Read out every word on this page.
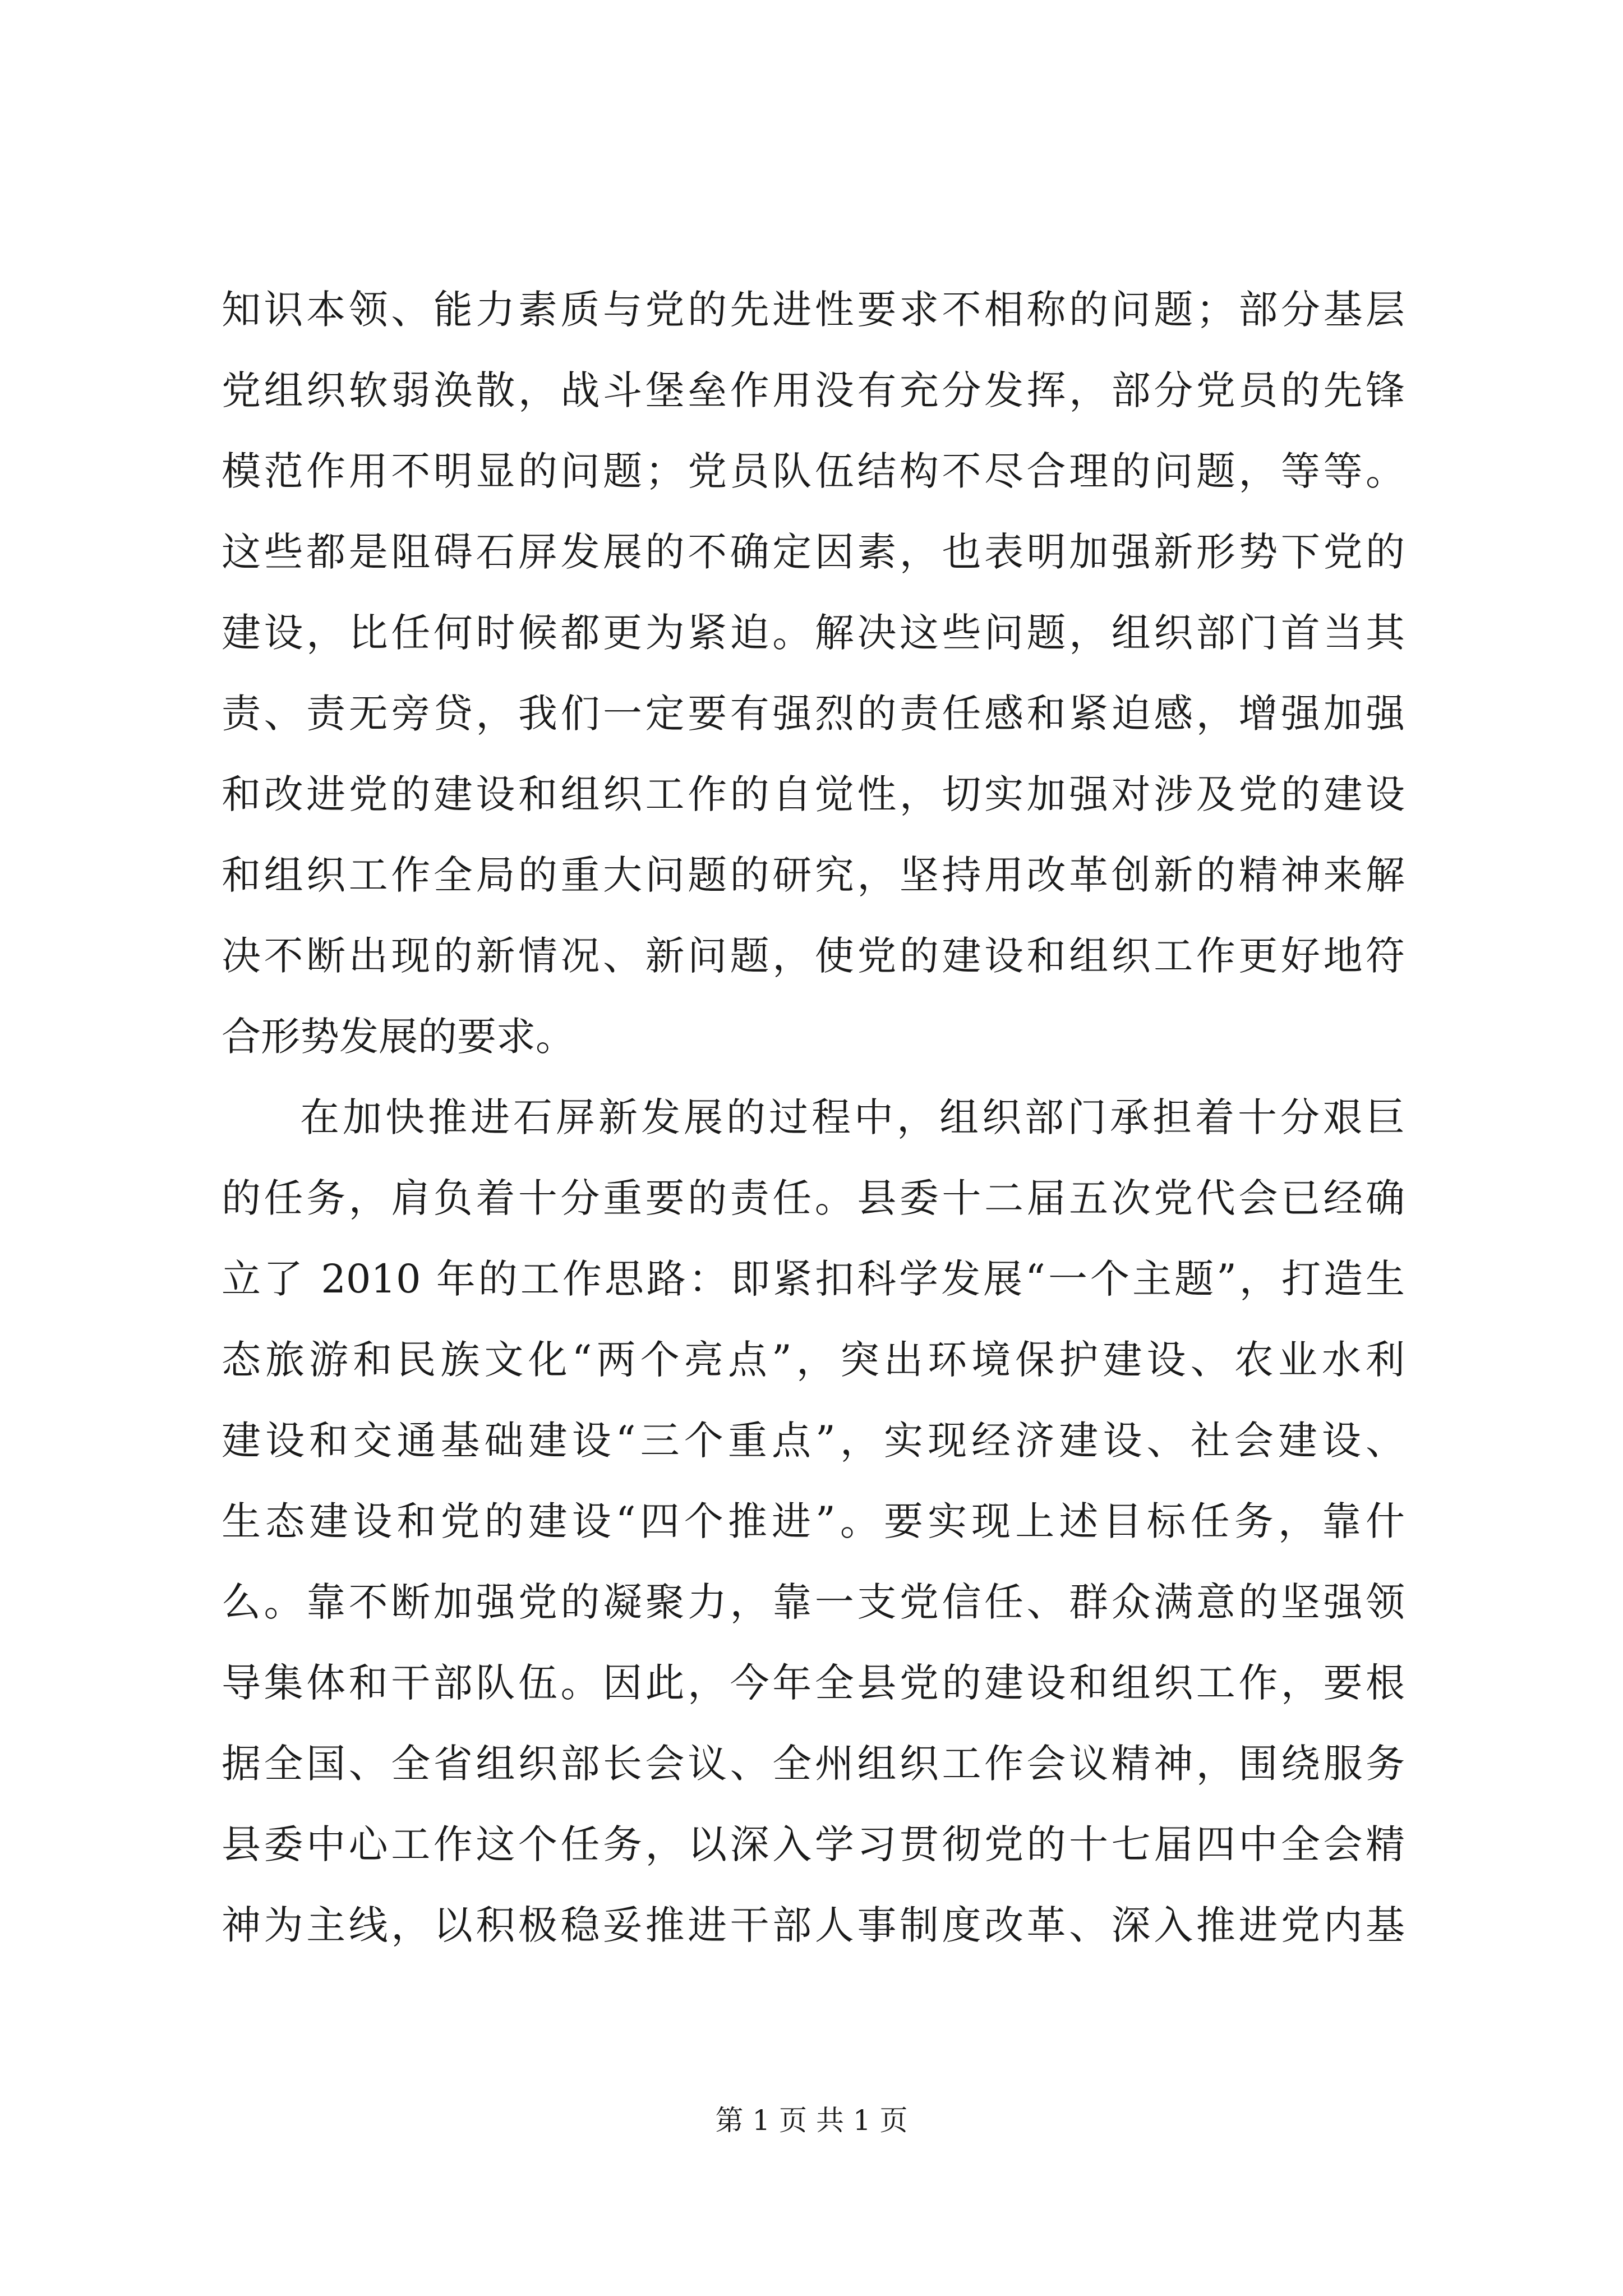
知识本领、能力素质与党的先进性要求不相称的问题；部分基层
党组织软弱涣散，战斗堡垒作用没有充分发挥，部分党员的先锋
模范作用不明显的问题；党员队伍结构不尽合理的问题，等等。
这些都是阻碍石屏发展的不确定因素，也表明加强新形势下党的
建设，比任何时候都更为紧迫。解决这些问题，组织部门首当其
责、责无旁贷，我们一定要有强烈的责任感和紧迫感，增强加强
和改进党的建设和组织工作的自觉性，切实加强对涉及党的建设
和组织工作全局的重大问题的研究，坚持用改革创新的精神来解
决不断出现的新情况、新问题，使党的建设和组织工作更好地符
合形势发展的要求。
在加快推进石屏新发展的过程中，组织部门承担着十分艰巨
的任务，肩负着十分重要的责任。县委十二届五次党代会已经确
立了 2010 年的工作思路：即紧扣科学发展“一个主题”，打造生
态旅游和民族文化“两个亮点”，突出环境保护建设、农业水利
建设和交通基础建设“三个重点”，实现经济建设、社会建设、
生态建设和党的建设“四个推进”。要实现上述目标任务，靠什
么。靠不断加强党的凝聚力，靠一支党信任、群众满意的坚强领
导集体和干部队伍。因此，今年全县党的建设和组织工作，要根
据全国、全省组织部长会议、全州组织工作会议精神，围绕服务
县委中心工作这个任务，以深入学习贯彻党的十七届四中全会精
神为主线，以积极稳妥推进干部人事制度改革、深入推进党内基
第 1 页 共 1 页
